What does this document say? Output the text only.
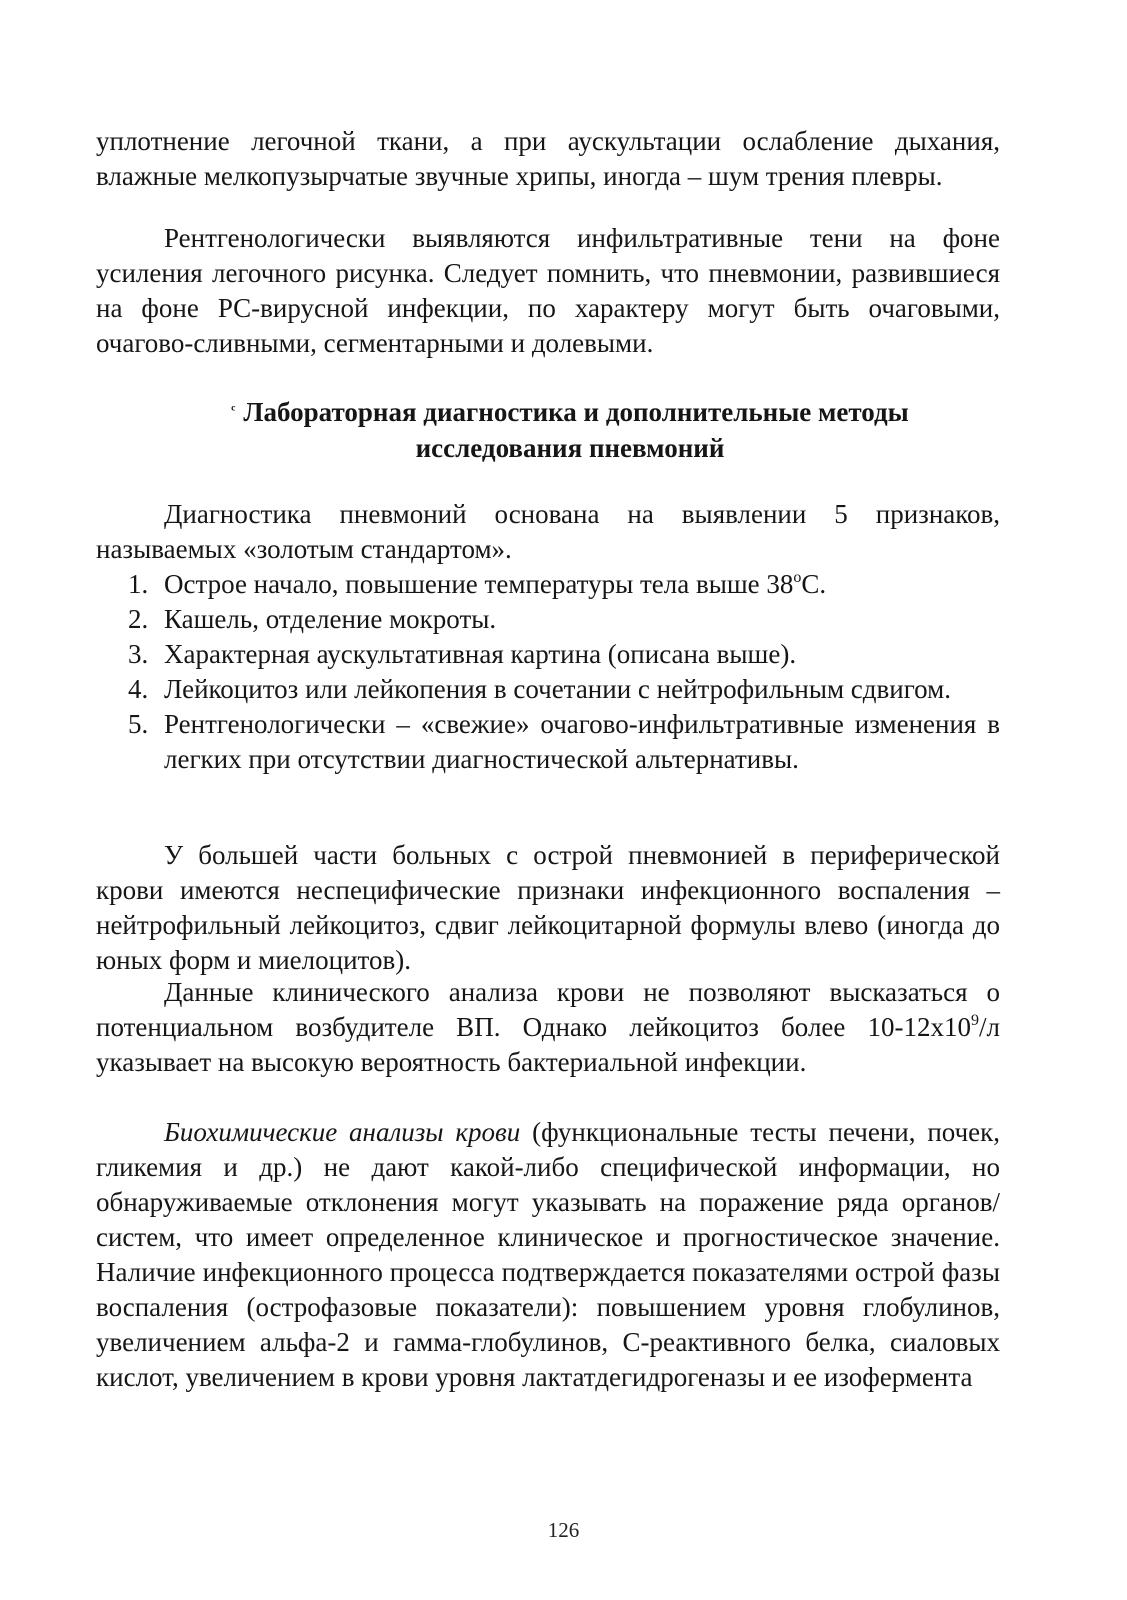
уплотнение легочной ткани, а при аускультации ослабление дыхания, влажные мелкопузырчатые звучные хрипы, иногда – шум трения плевры.

Рентгенологически выявляются инфильтративные тени на фоне усиления легочного рисунка. Следует помнить, что пневмонии, развившиеся на фоне РС-вирусной инфекции, по характеру могут быть очаговыми, очагово-сливными, сегментарными и долевыми.

$^ᶜ$ Лабораторная диагностика и дополнительные методы
исследования пневмоний

Диагностика пневмоний основана на выявлении 5 признаков, называемых «золотым стандартом».

1. Острое начало, повышение температуры тела выше $38^оС$.
2. Кашель, отделение мокроты.
3. Характерная аускультативная картина (описана выше).
4. Лейкоцитоз или лейкопения в сочетании с нейтрофильным сдвигом.
5. Рентгенологически – «свежие» очагово-инфильтративные изменения в легких при отсутствии диагностической альтернативы.

У большей части больных с острой пневмонией в периферической крови имеются неспецифические признаки инфекционного воспаления – нейтрофильный лейкоцитоз, сдвиг лейкоцитарной формулы влево (иногда до юных форм и миелоцитов).

Данные клинического анализа крови не позволяют высказаться о потенциальном возбудителе ВП. Однако лейкоцитоз более $10-12x10^9/л$ указывает на высокую вероятность бактериальной инфекции.

Биохимические анализы крови (функциональные тесты печени, почек, гликемия и др.) не дают какой-либо специфической информации, но обнаруживаемые отклонения могут указывать на поражение ряда органов/систем, что имеет определенное клиническое и прогностическое значение. Наличие инфекционного процесса подтверждается показателями острой фазы воспаления (острофазовые показатели): повышением уровня глобулинов, увеличением альфа-2 и гамма-глобулинов, С-реактивного белка, сиаловых кислот, увеличением в крови уровня лактатдегидрогеназы и ее изофермента

126
